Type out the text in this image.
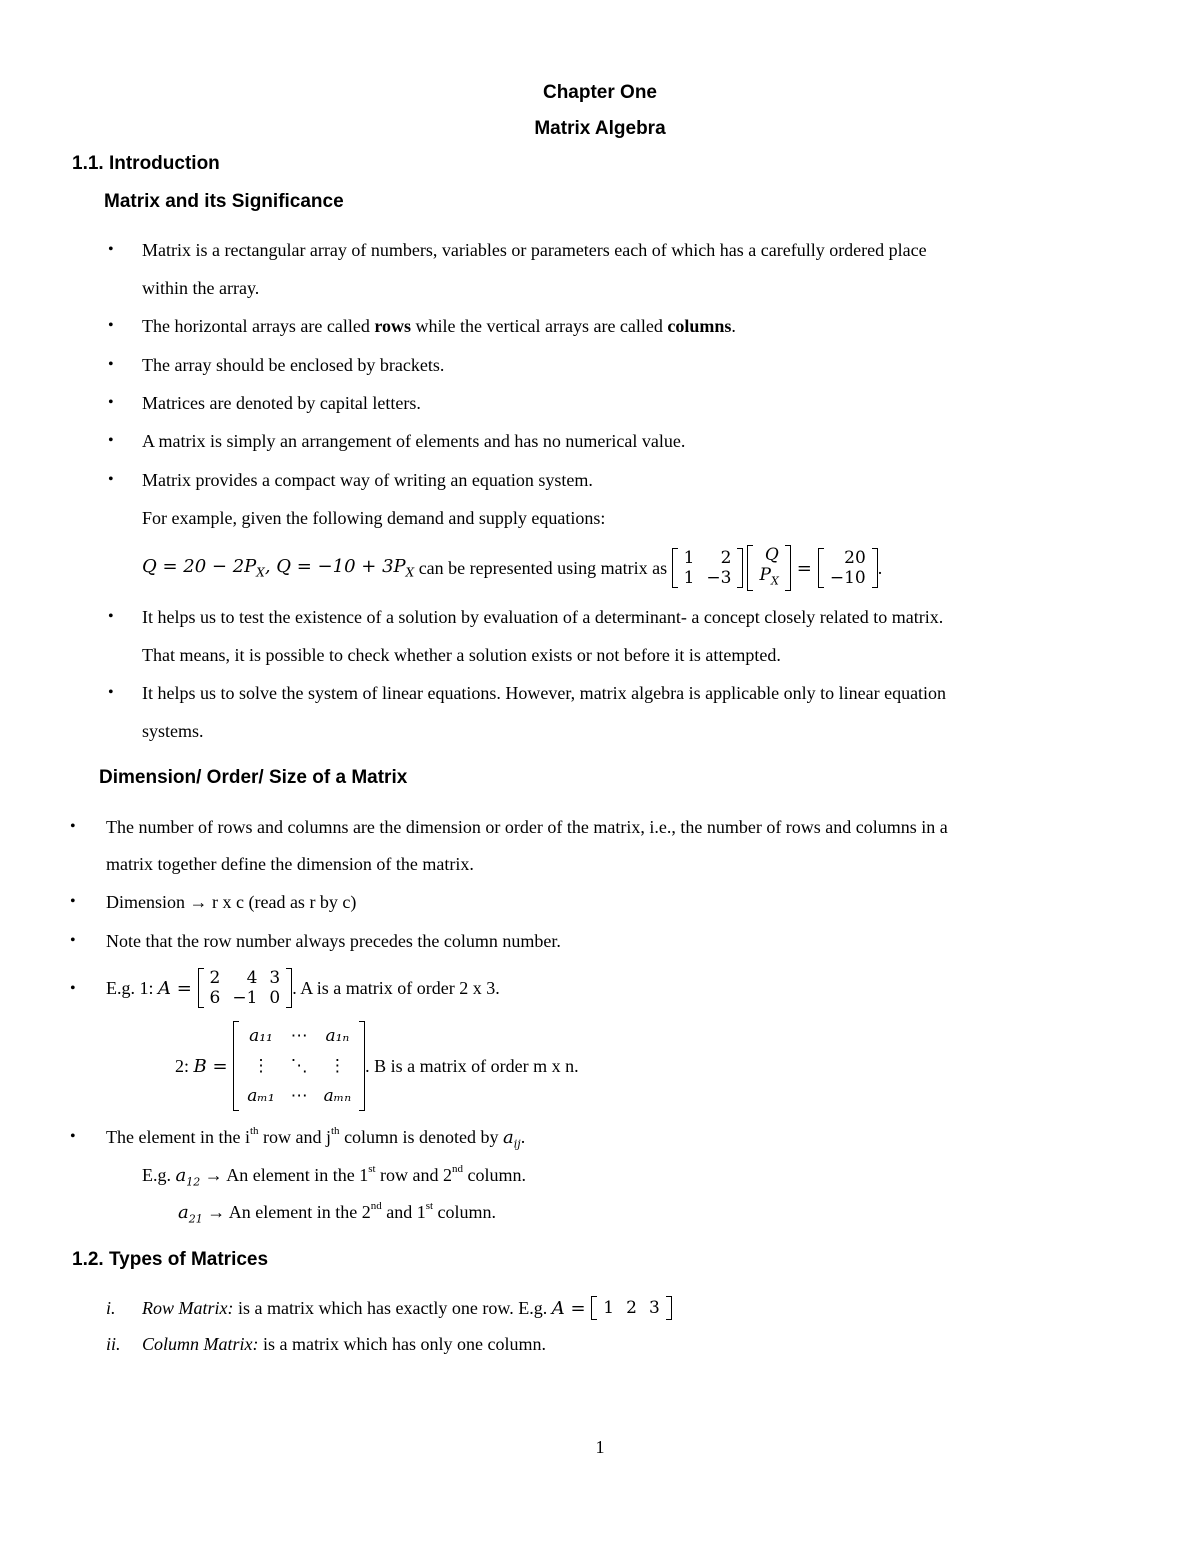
Chapter One
Matrix Algebra
1.1. Introduction
Matrix and its Significance
• Matrix is a rectangular array of numbers, variables or parameters each of which has a carefully ordered place
within the array.
• The horizontal arrays are called rows while the vertical arrays are called columns.
• The array should be enclosed by brackets.
• Matrices are denoted by capital letters.
• A matrix is simply an arrangement of elements and has no numerical value.
• Matrix provides a compact way of writing an equation system.
For example, given the following demand and supply equations:
$Q = 20 - 2P_X$, $Q = -10 + 3P_X$ can be represented using matrix as 1	2
1	−3
Q
$P_X$
=	20
−10
.
• It helps us to test the existence of a solution by evaluation of a determinant- a concept closely related to matrix.
That means, it is possible to check whether a solution exists or not before it is attempted.
• It helps us to solve the system of linear equations. However, matrix algebra is applicable only to linear equation
systems.
Dimension/ Order/ Size of a Matrix
• The number of rows and columns are the dimension or order of the matrix, i.e., the number of rows and columns in a
matrix together define the dimension of the matrix.
• Dimension → r x c (read as r by c)
• Note that the row number always precedes the column number.
• E.g. 1: A = 2	4	3
6	−1	0
. A is a matrix of order 2 x 3.
2: B =
a₁₁	⋯	a₁ₙ
⋮	⋱	⋮
aₘ₁	⋯	aₘₙ
. B is a matrix of order m x n.
• The element in the $i^{th}$ row and $j^{th}$ column is denoted by $a_{ij}$.
E.g. $a_{12} \to An$ element in the 1st row and 2nd column.
$a_{21} \to An$ element in the 2nd and 1st column.
1.2. Types of Matrices
i.	Row Matrix: is a matrix which has exactly one row. E.g. A = 1	2	3
ii. Column Matrix: is a matrix which has only one column.
1
